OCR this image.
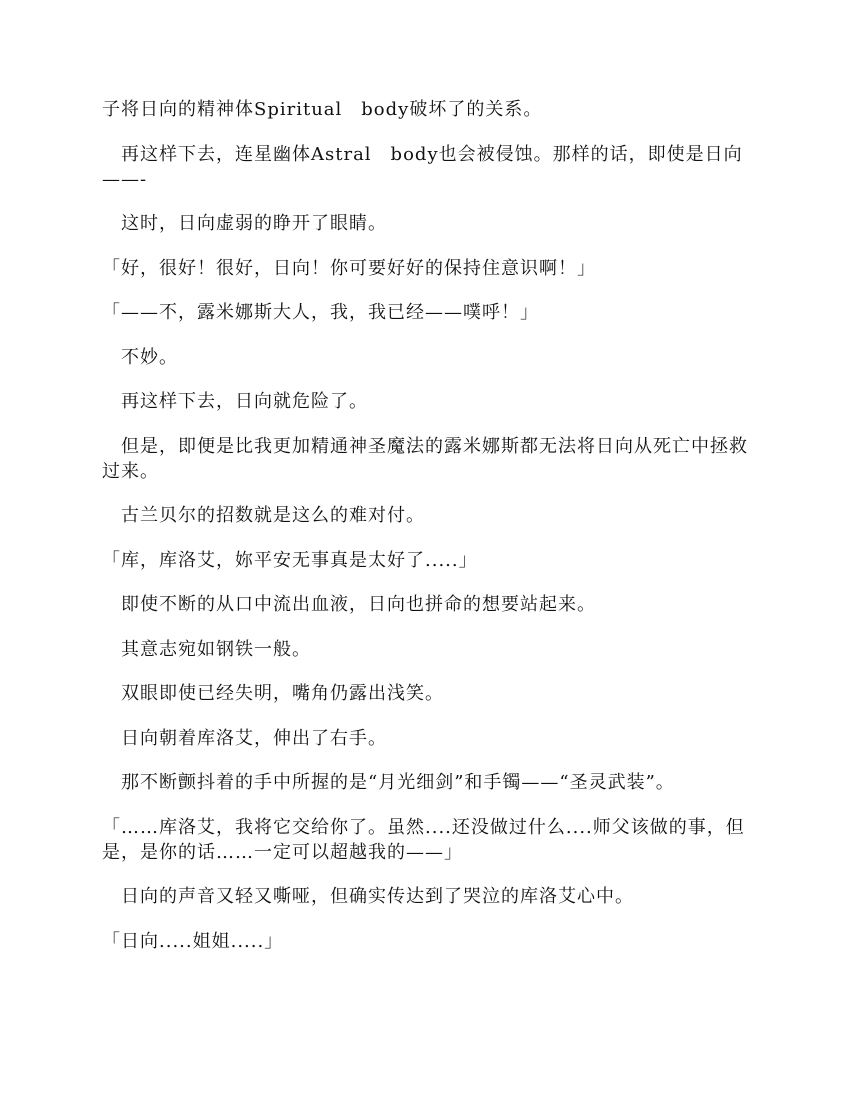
子将日向的精神体Spiritual　body破坏了的关系。

　再这样下去，连星幽体Astral　body也会被侵蚀。那样的话，即使是日向——-

　这时，日向虚弱的睁开了眼睛。

「好，很好！很好，日向！你可要好好的保持住意识啊！」

「——不，露米娜斯大人，我，我已经——噗呼！」

　不妙。

　再这样下去，日向就危险了。

　但是，即便是比我更加精通神圣魔法的露米娜斯都无法将日向从死亡中拯救过来。

　古兰贝尔的招数就是这么的难对付。

「库，库洛艾，妳平安无事真是太好了.....」

　即使不断的从口中流出血液，日向也拼命的想要站起来。

　其意志宛如钢铁一般。

　双眼即使已经失明，嘴角仍露出浅笑。

　日向朝着库洛艾，伸出了右手。

　那不断颤抖着的手中所握的是“月光细剑”和手镯——“圣灵武装”。

「……库洛艾，我将它交给你了。虽然....还没做过什么....师父该做的事，但是，是你的话……一定可以超越我的——」

　日向的声音又轻又嘶哑，但确实传达到了哭泣的库洛艾心中。

「日向.....姐姐.....」
